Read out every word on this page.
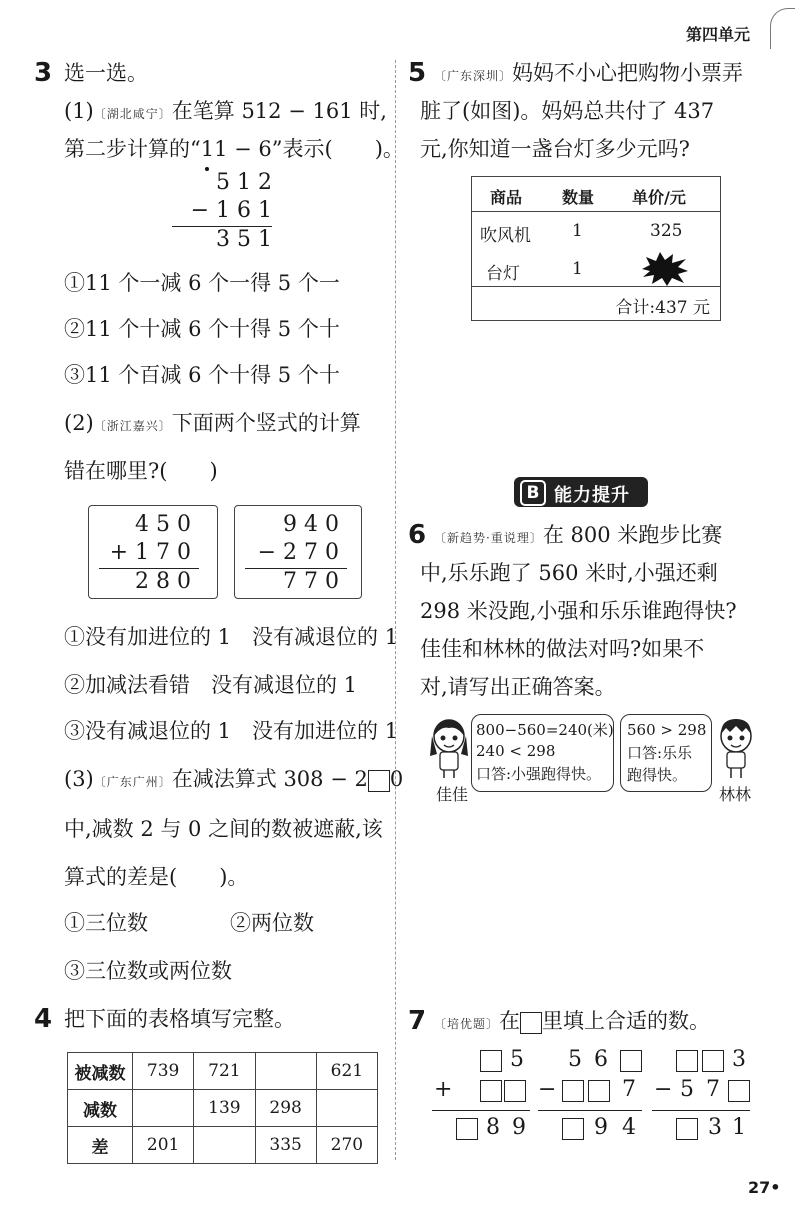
第四单元
3 选一选。
(1)〔湖北咸宁〕在笔算 512 − 161 时,
第二步计算的“11 − 6”表示(　　)。
5 1 2
− 1 6 1
3 5 1
①11 个一减 6 个一得 5 个一
②11 个十减 6 个十得 5 个十
③11 个百减 6 个十得 5 个十
(2)〔浙江嘉兴〕下面两个竖式的计算
错在哪里?(　　)
4 5 0
+ 1 7 0
2 8 0
9 4 0
− 2 7 0
7 7 0
①没有加进位的 1　没有减退位的 1
②加减法看错　没有减退位的 1
③没有减退位的 1　没有加进位的 1
(3)〔广东广州〕在减法算式 308 − 2 0
中,减数 2 与 0 之间的数被遮蔽,该
算式的差是(　　)。
①三位数	②两位数
③三位数或两位数
4 把下面的表格填写完整。
被减数	739	721		621
减数		139	298	
差	201		335	270
5 〔广东深圳〕妈妈不小心把购物小票弄
脏了(如图)。妈妈总共付了 437
元,你知道一盏台灯多少元吗?
商品 数量 单价/元
吹风机 1	325
台灯	1
合计:437 元
B 能力提升
6 〔新趋势·重说理〕在 800 米跑步比赛
中,乐乐跑了 560 米时,小强还剩
298 米没跑,小强和乐乐谁跑得快?
佳佳和林林的做法对吗?如果不
对,请写出正确答案。
佳佳
800−560=240(米)
240 < 298
口答:小强跑得快。
560 > 298
口答:乐乐
跑得快。
林林
7 〔培优题〕在 里填上合适的数。
5
+
8 9
5 6
−	7
9 4
3
− 5 7
3 1
27•
